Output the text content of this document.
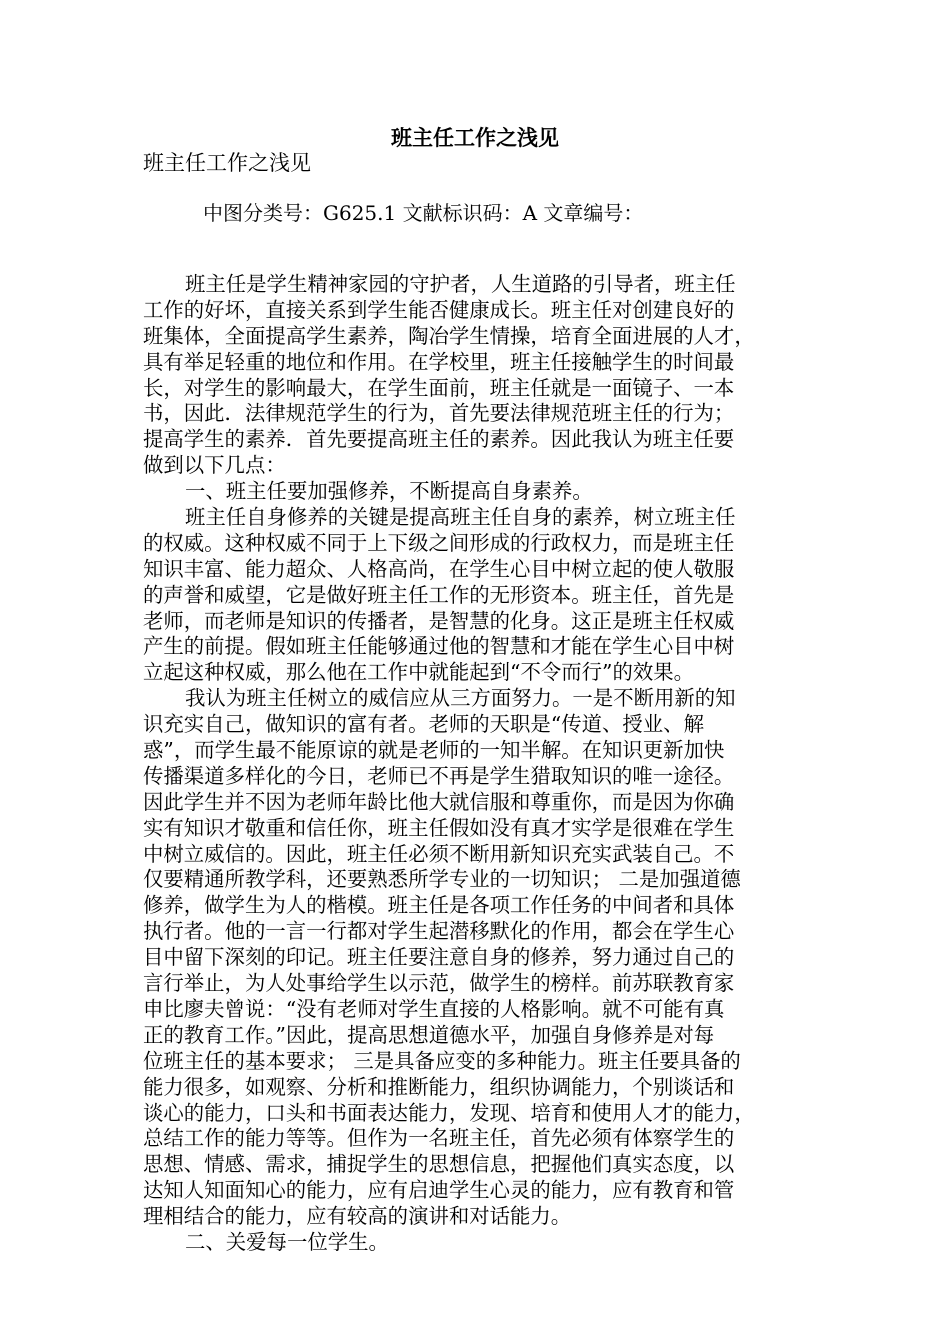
班主任工作之浅见
班主任工作之浅见
中图分类号：G625.1 文献标识码：A 文章编号：
班主任是学生精神家园的守护者，人生道路的引导者，班主任
工作的好坏，直接关系到学生能否健康成长。班主任对创建良好的
班集体，全面提高学生素养，陶冶学生情操，培育全面进展的人才，
具有举足轻重的地位和作用。在学校里，班主任接触学生的时间最
长，对学生的影响最大，在学生面前，班主任就是一面镜子、一本
书，因此．法律规范学生的行为，首先要法律规范班主任的行为；
提高学生的素养．首先要提高班主任的素养。因此我认为班主任要
做到以下几点：
一、班主任要加强修养，不断提高自身素养。
班主任自身修养的关键是提高班主任自身的素养，树立班主任
的权威。这种权威不同于上下级之间形成的行政权力，而是班主任
知识丰富、能力超众、人格高尚，在学生心目中树立起的使人敬服
的声誉和威望，它是做好班主任工作的无形资本。班主任，首先是
老师，而老师是知识的传播者，是智慧的化身。这正是班主任权威
产生的前提。假如班主任能够通过他的智慧和才能在学生心目中树
立起这种权威，那么他在工作中就能起到“不令而行”的效果。
我认为班主任树立的威信应从三方面努力。一是不断用新的知
识充实自己，做知识的富有者。老师的天职是“传道、授业、解
惑”，而学生最不能原谅的就是老师的一知半解。在知识更新加快
传播渠道多样化的今日，老师已不再是学生猎取知识的唯一途径。
因此学生并不因为老师年龄比他大就信服和尊重你，而是因为你确
实有知识才敬重和信任你，班主任假如没有真才实学是很难在学生
中树立威信的。因此，班主任必须不断用新知识充实武装自己。不
仅要精通所教学科，还要熟悉所学专业的一切知识； 二是加强道德
修养，做学生为人的楷模。班主任是各项工作任务的中间者和具体
执行者。他的一言一行都对学生起潜移默化的作用，都会在学生心
目中留下深刻的印记。班主任要注意自身的修养，努力通过自己的
言行举止，为人处事给学生以示范，做学生的榜样。前苏联教育家
申比廖夫曾说：“没有老师对学生直接的人格影响。就不可能有真
正的教育工作。”因此，提高思想道德水平，加强自身修养是对每
位班主任的基本要求； 三是具备应变的多种能力。班主任要具备的
能力很多，如观察、分析和推断能力，组织协调能力，个别谈话和
谈心的能力，口头和书面表达能力，发现、培育和使用人才的能力，
总结工作的能力等等。但作为一名班主任，首先必须有体察学生的
思想、情感、需求，捕捉学生的思想信息，把握他们真实态度，以
达知人知面知心的能力，应有启迪学生心灵的能力，应有教育和管
理相结合的能力，应有较高的演讲和对话能力。
二、关爱每一位学生。
